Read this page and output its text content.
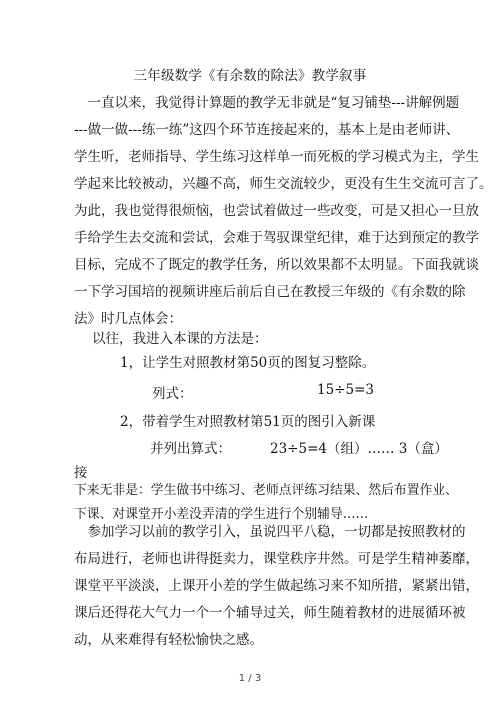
三年级数学《有余数的除法》教学叙事
　一直以来，我觉得计算题的教学无非就是“复习铺垫---讲解例题
---做一做---练一练”这四个环节连接起来的，基本上是由老师讲、
学生听，老师指导、学生练习这样单一而死板的学习模式为主，学生
学起来比较被动，兴趣不高，师生交流较少，更没有生生交流可言了。
为此，我也觉得很烦恼，也尝试着做过一些改变，可是又担心一旦放
手给学生去交流和尝试，会难于驾驭课堂纪律，难于达到预定的教学
目标，完成不了既定的教学任务，所以效果都不太明显。下面我就谈
一下学习国培的视频讲座后前后自己在教授三年级的《有余数的除
法》时几点体会：
以往，我进入本课的方法是：
1，让学生对照教材第50页的图复习整除。
列式：	15÷5=3
2，带着学生对照教材第51页的图引入新课
并列出算式：	23÷5=4（组）…… 3（盒）
接
下来无非是：学生做书中练习、老师点评练习结果、然后布置作业、
下课、对课堂开小差没弄清的学生进行个别辅导……
　参加学习以前的教学引入，虽说四平八稳，一切都是按照教材的
布局进行，老师也讲得挺卖力，课堂秩序井然。可是学生精神萎靡，
课堂平平淡淡，上课开小差的学生做起练习来不知所措，紧紧出错，
课后还得花大气力一个一个辅导过关，师生随着教材的进展循环被
动，从来难得有轻松愉快之感。
1 / 3
